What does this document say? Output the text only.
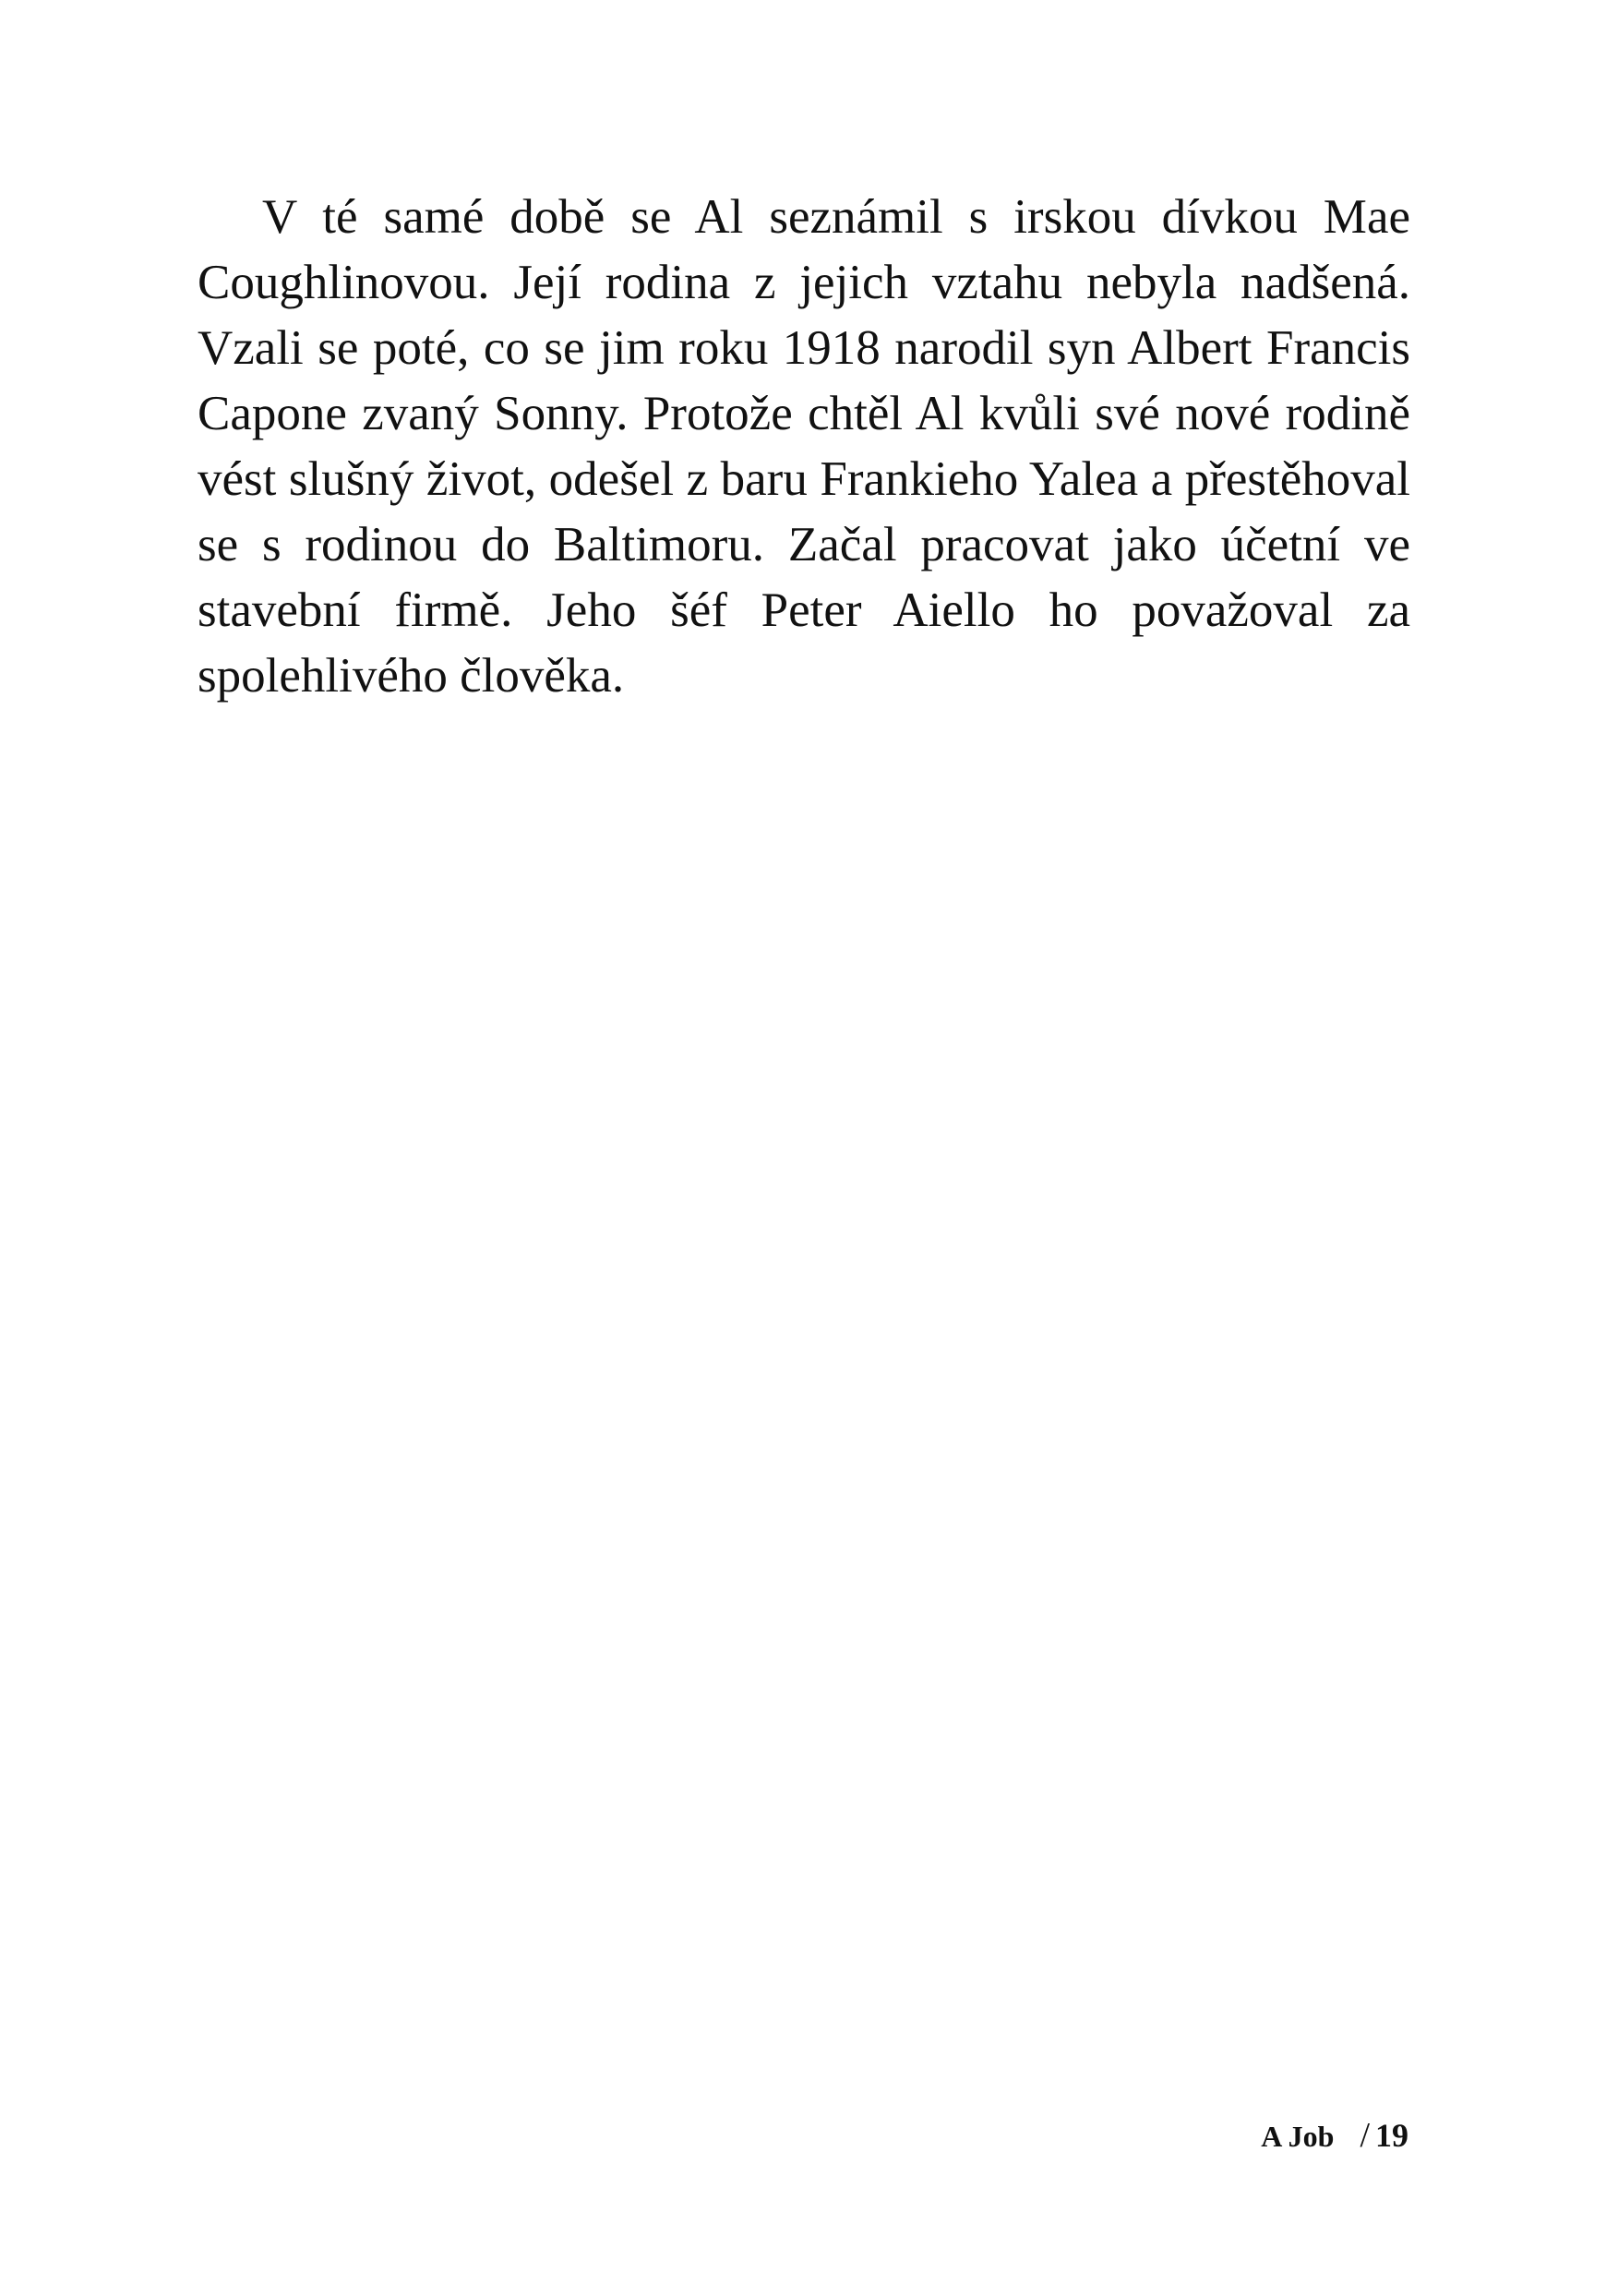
V té samé době se Al seznámil s irskou dívkou Mae Coughlinovou. Její rodina z jejich vztahu nebyla nadšená. Vzali se poté, co se jim roku 1918 narodil syn Albert Francis Capone zvaný Sonny. Protože chtěl Al kvůli své nové rodině vést slušný život, odešel z baru Frankieho Yalea a přestěhoval se s rodinou do Baltimoru. Začal pracovat jako účetní ve stavební firmě. Jeho šéf Peter Aiello ho považoval za spolehlivého člověka.

A Job / 19
